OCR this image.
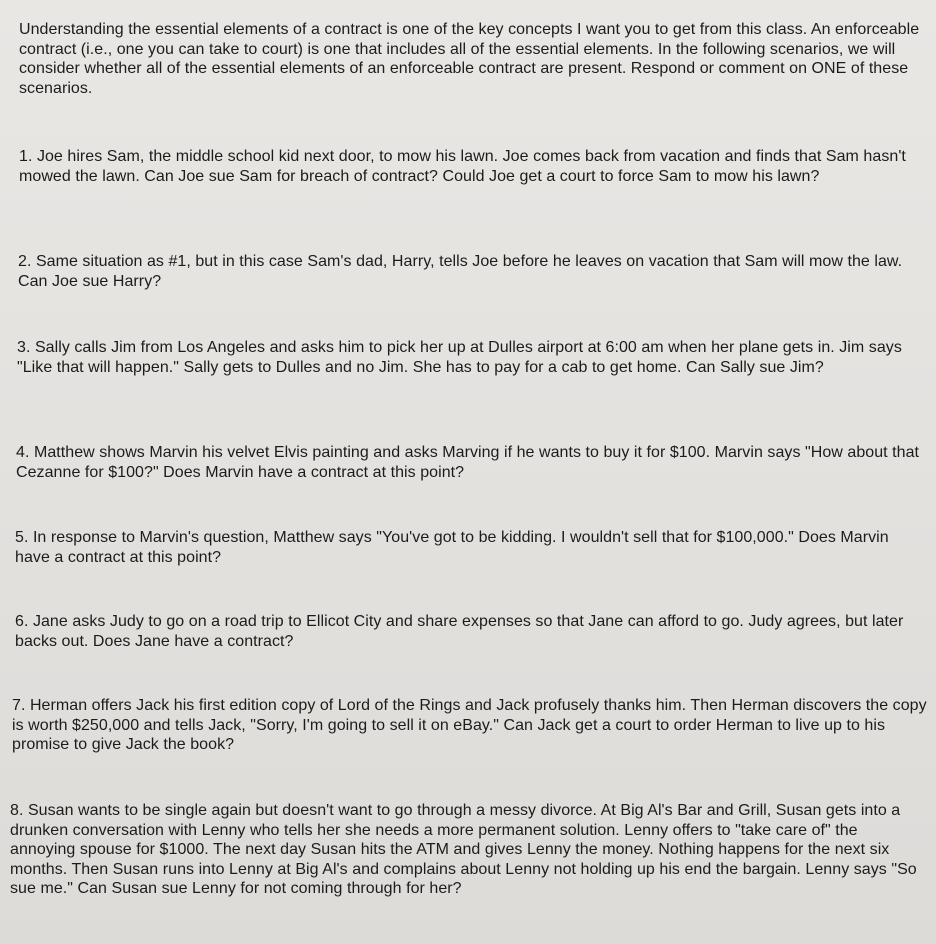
Understanding the essential elements of a contract is one of the key concepts I want you to get from this class. An enforceable contract (i.e., one you can take to court) is one that includes all of the essential elements. In the following scenarios, we will consider whether all of the essential elements of an enforceable contract are present. Respond or comment on ONE of these scenarios.

1. Joe hires Sam, the middle school kid next door, to mow his lawn. Joe comes back from vacation and finds that Sam hasn't mowed the lawn. Can Joe sue Sam for breach of contract? Could Joe get a court to force Sam to mow his lawn?

2. Same situation as #1, but in this case Sam's dad, Harry, tells Joe before he leaves on vacation that Sam will mow the law. Can Joe sue Harry?

3. Sally calls Jim from Los Angeles and asks him to pick her up at Dulles airport at 6:00 am when her plane gets in. Jim says "Like that will happen." Sally gets to Dulles and no Jim. She has to pay for a cab to get home. Can Sally sue Jim?

4. Matthew shows Marvin his velvet Elvis painting and asks Marving if he wants to buy it for $100. Marvin says "How about that Cezanne for $100?" Does Marvin have a contract at this point?

5. In response to Marvin's question, Matthew says "You've got to be kidding. I wouldn't sell that for $100,000." Does Marvin have a contract at this point?

6. Jane asks Judy to go on a road trip to Ellicot City and share expenses so that Jane can afford to go. Judy agrees, but later backs out. Does Jane have a contract?

7. Herman offers Jack his first edition copy of Lord of the Rings and Jack profusely thanks him. Then Herman discovers the copy is worth $250,000 and tells Jack, "Sorry, I'm going to sell it on eBay." Can Jack get a court to order Herman to live up to his promise to give Jack the book?

8. Susan wants to be single again but doesn't want to go through a messy divorce. At Big Al's Bar and Grill, Susan gets into a drunken conversation with Lenny who tells her she needs a more permanent solution. Lenny offers to "take care of" the annoying spouse for $1000. The next day Susan hits the ATM and gives Lenny the money. Nothing happens for the next six months. Then Susan runs into Lenny at Big Al's and complains about Lenny not holding up his end the bargain. Lenny says "So sue me." Can Susan sue Lenny for not coming through for her?
